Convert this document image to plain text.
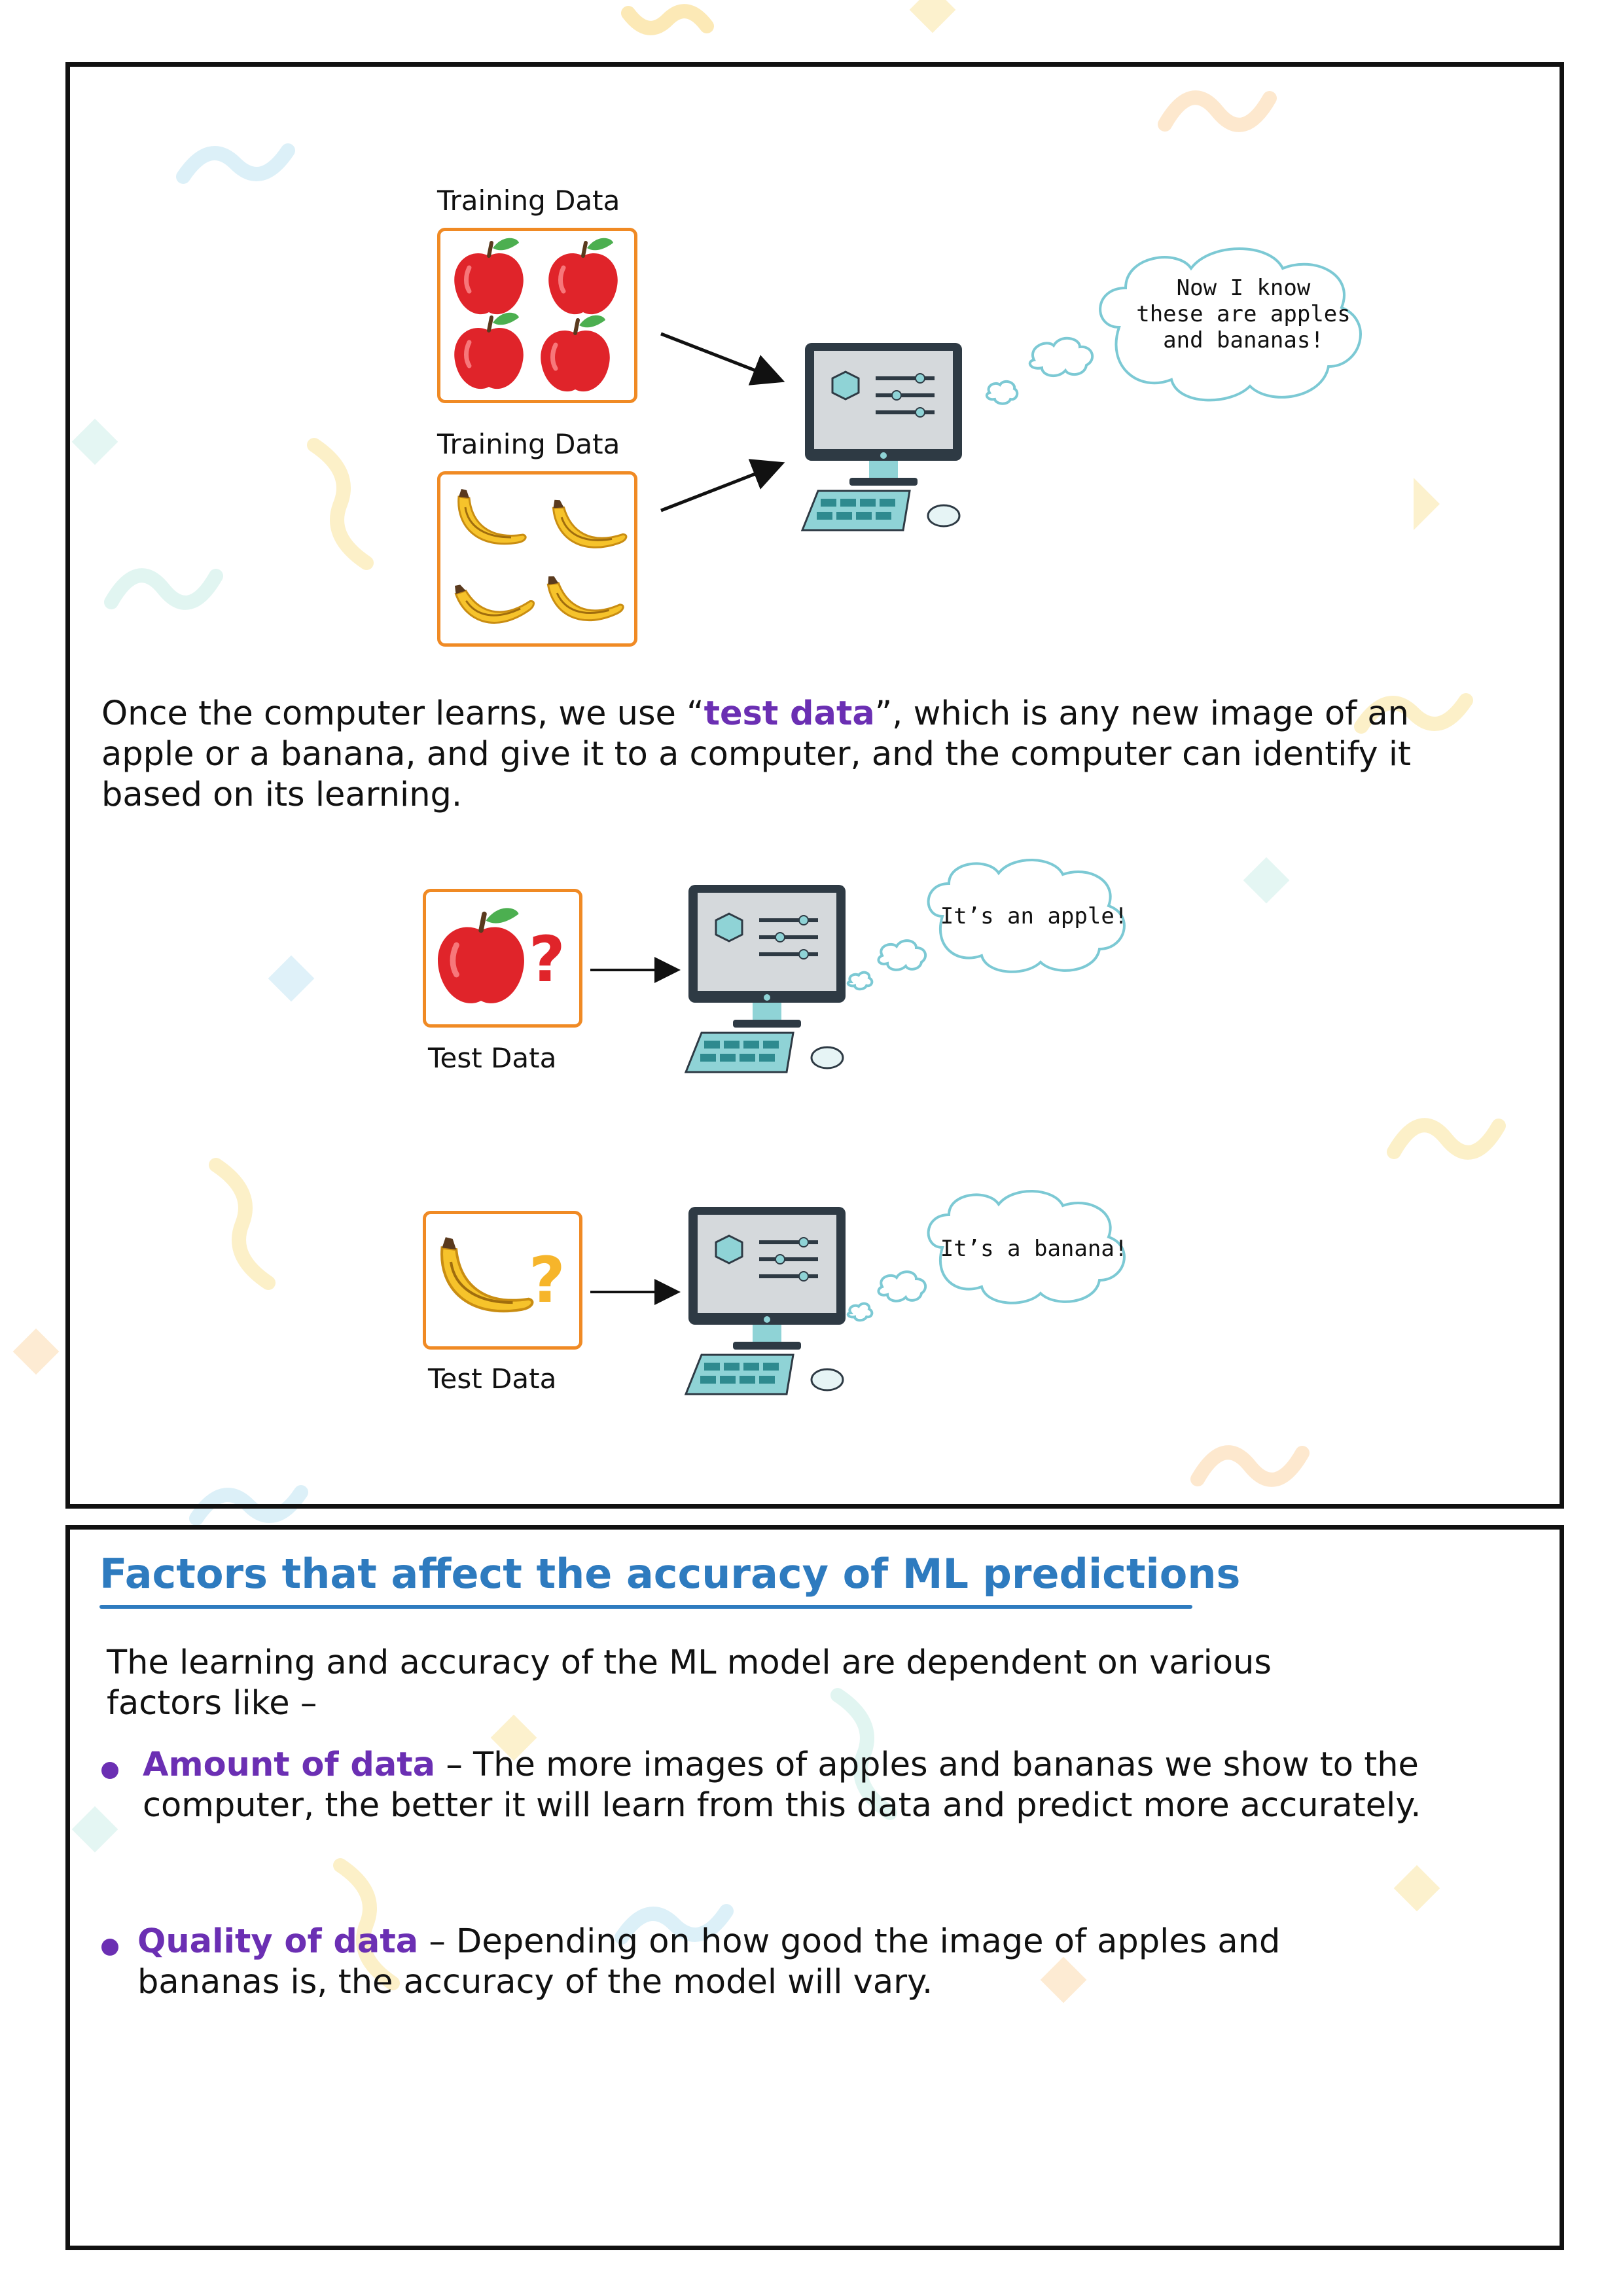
Training Data
Training Data
Now I know
these are apples
and bananas!
Once the computer learns, we use “test data”, which is any new image of an apple or a banana, and give it to a computer, and the computer can identify it based on its learning.
?
Test Data
It’s an apple!
?
Test Data
It’s a banana!
Factors that affect the accuracy of ML predictions
The learning and accuracy of the ML model are dependent on various factors like –
Amount of data – The more images of apples and bananas we show to the computer, the better it will learn from this data and predict more accurately.
Quality of data – Depending on how good the image of apples and bananas is, the accuracy of the model will vary.
